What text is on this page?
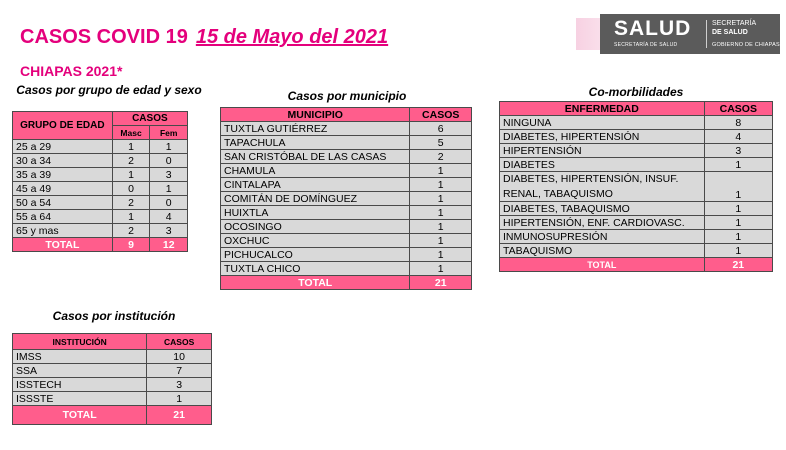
CASOS COVID 19 15 de Mayo del 2021
CHIAPAS 2021*
SALUD
SECRETARÍA DE SALUD
SECRETARÍA
DE SALUD
GOBIERNO DE CHIAPAS
Casos por grupo de edad y sexo
GRUPO DE EDAD	CASOS	
	Masc	Fem
25 a 29	1	1
30 a 34	2	0
35 a 39	1	3
45 a 49	0	1
50 a 54	2	0
55 a 64	1	4
65 y mas	2	3
TOTAL	9	12
Casos por municipio
MUNICIPIO	CASOS
TUXTLA GUTIÉRREZ	6
TAPACHULA	5
SAN CRISTÓBAL DE LAS CASAS	2
CHAMULA	1
CINTALAPA	1
COMITÁN DE DOMÍNGUEZ	1
HUIXTLA	1
OCOSINGO	1
OXCHUC	1
PICHUCALCO	1
TUXTLA CHICO	1
TOTAL	21
Co-morbilidades
ENFERMEDAD	CASOS
NINGUNA	8
DIABETES, HIPERTENSIÓN	4
HIPERTENSIÓN	3
DIABETES	1

DIABETES, HIPERTENSIÓN, INSUF.
RENAL, TABAQUISMO	1
DIABETES, TABAQUISMO	1
HIPERTENSIÓN, ENF. CARDIOVASC.	1
INMUNOSUPRESIÓN	1
TABAQUISMO	1
TOTAL	21
Casos por institución
INSTITUCIÓN	CASOS
IMSS	10
SSA	7
ISSTECH	3
ISSSTE	1
TOTAL	21
